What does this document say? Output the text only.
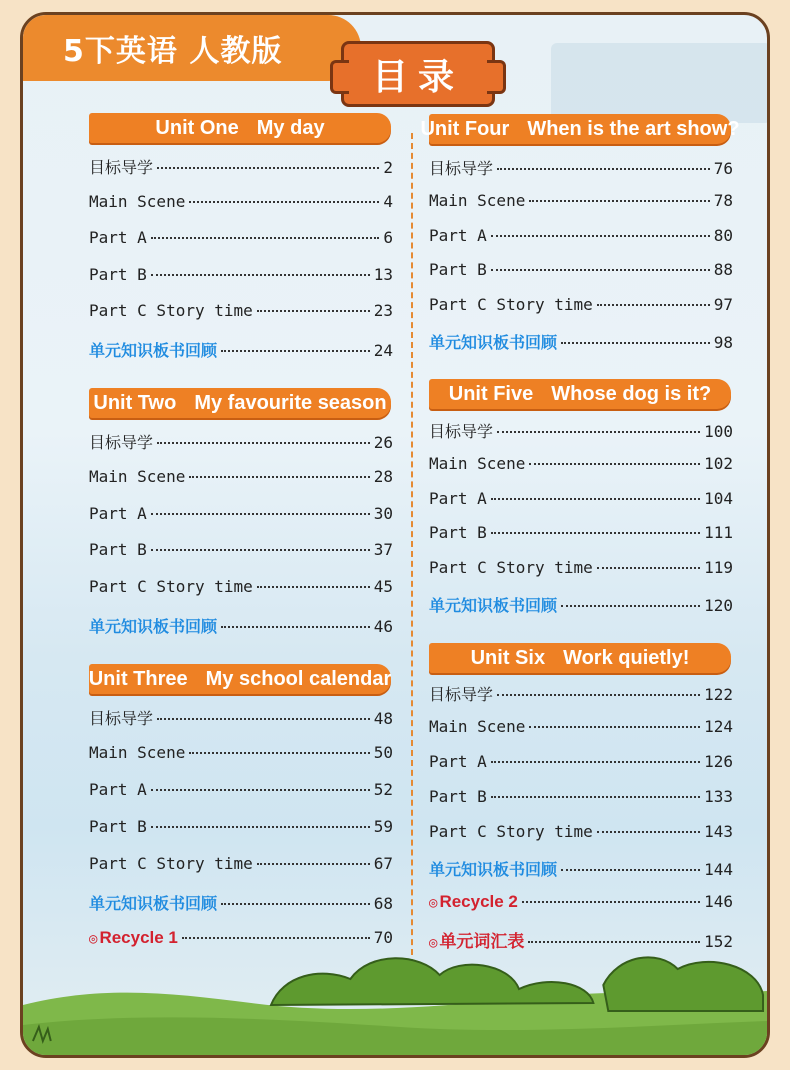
5下英语 人教版
目录
Unit One My day
目标导学	2
Main Scene	4
Part A	6
Part B	13
Part C Story time	23
单元知识板书回顾	24
Unit Two My favourite season
目标导学	26
Main Scene	28
Part A	30
Part B	37
Part C Story time	45
单元知识板书回顾	46
Unit Three My school calendar
目标导学	48
Main Scene	50
Part A	52
Part B	59
Part C Story time	67
单元知识板书回顾	68
◎ Recycle 1	70
Unit Four When is the art show?
目标导学	76
Main Scene	78
Part A	80
Part B	88
Part C Story time	97
单元知识板书回顾	98
Unit Five Whose dog is it?
目标导学	100
Main Scene	102
Part A	104
Part B	111
Part C Story time	119
单元知识板书回顾	120
Unit Six Work quietly!
目标导学	122
Main Scene	124
Part A	126
Part B	133
Part C Story time	143
单元知识板书回顾	144
◎ Recycle 2	146
◎ 单元词汇表	152
